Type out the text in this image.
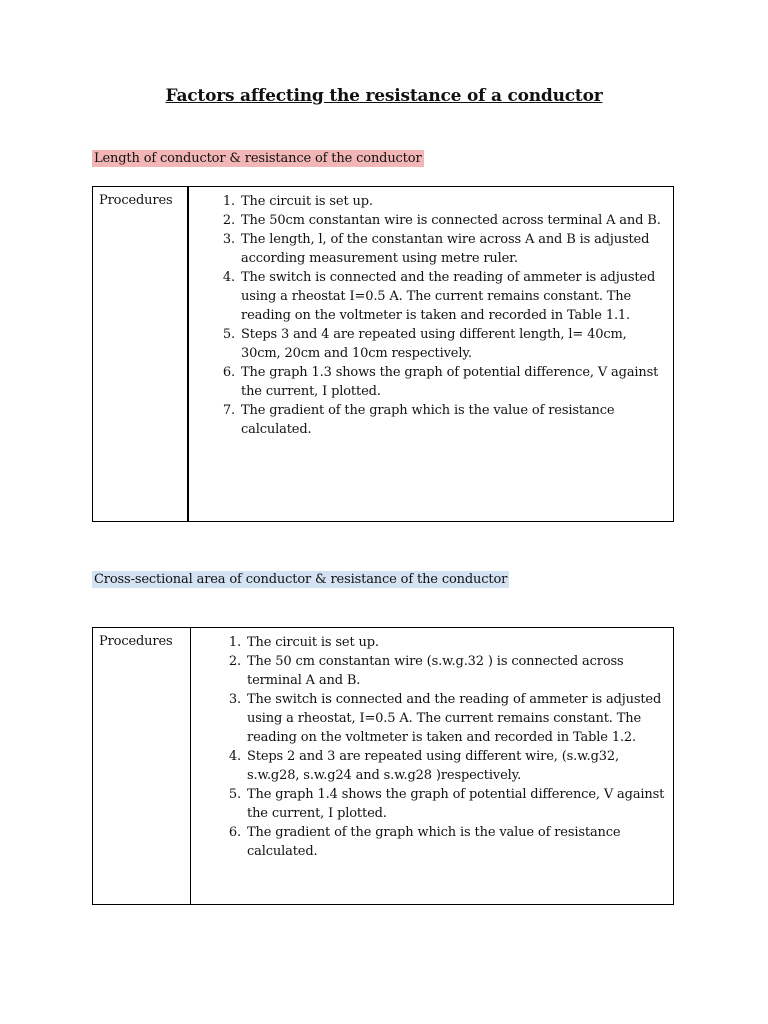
Factors affecting the resistance of a conductor
Length of conductor & resistance of the conductor
Procedures	1. The circuit is set up.
2. The 50cm constantan wire is connected across terminal A and B.
3. The length, l, of the constantan wire across A and B is adjusted according measurement using metre ruler.
4. The switch is connected and the reading of ammeter is adjusted using a rheostat I=0.5 A. The current remains constant. The reading on the voltmeter is taken and recorded in Table 1.1.
5. Steps 3 and 4 are repeated using different length, l= 40cm, 30cm, 20cm and 10cm respectively.
6. The graph 1.3 shows the graph of potential difference, V against the current, I plotted.
7. The gradient of the graph which is the value of resistance calculated.
Cross-sectional area of conductor & resistance of the conductor
Procedures	1. The circuit is set up.
2. The 50 cm constantan wire (s.w.g.32 ) is connected across terminal A and B.
3. The switch is connected and the reading of ammeter is adjusted using a rheostat, I=0.5 A. The current remains constant. The reading on the voltmeter is taken and recorded in Table 1.2.
4. Steps 2 and 3 are repeated using different wire, (s.w.g32, s.w.g28, s.w.g24 and s.w.g28 )respectively.
5. The graph 1.4 shows the graph of potential difference, V against the current, I plotted.
6. The gradient of the graph which is the value of resistance calculated.
